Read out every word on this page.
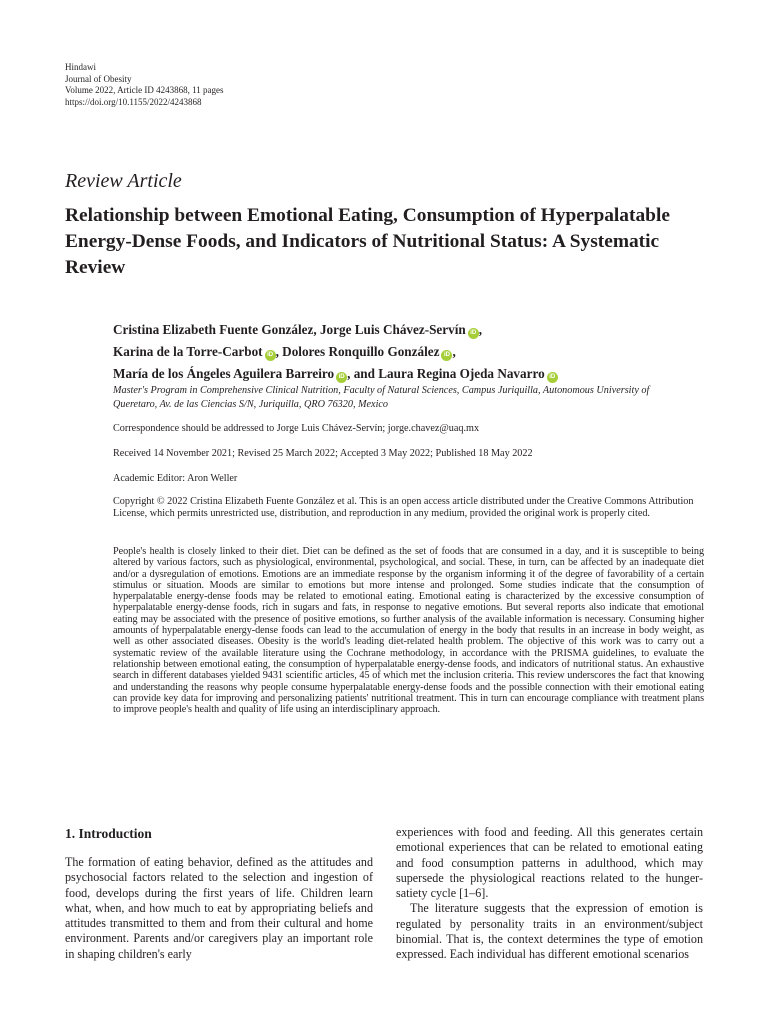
Hindawi
Journal of Obesity
Volume 2022, Article ID 4243868, 11 pages
https://doi.org/10.1155/2022/4243868
Review Article
Relationship between Emotional Eating, Consumption of Hyperpalatable Energy-Dense Foods, and Indicators of Nutritional Status: A Systematic Review
Cristina Elizabeth Fuente González, Jorge Luis Chávez-Servín iD ,
Karina de la Torre-Carbot iD , Dolores Ronquillo González iD ,
María de los Ángeles Aguilera Barreiro iD , and Laura Regina Ojeda Navarro iD
Master's Program in Comprehensive Clinical Nutrition, Faculty of Natural Sciences, Campus Juriquilla, Autonomous University of Queretaro, Av. de las Ciencias S/N, Juriquilla, QRO 76320, Mexico
Correspondence should be addressed to Jorge Luis Chávez-Servín; jorge.chavez@uaq.mx
Received 14 November 2021; Revised 25 March 2022; Accepted 3 May 2022; Published 18 May 2022
Academic Editor: Aron Weller
Copyright © 2022 Cristina Elizabeth Fuente González et al. This is an open access article distributed under the Creative Commons Attribution License, which permits unrestricted use, distribution, and reproduction in any medium, provided the original work is properly cited.
People's health is closely linked to their diet. Diet can be defined as the set of foods that are consumed in a day, and it is susceptible to being altered by various factors, such as physiological, environmental, psychological, and social. These, in turn, can be affected by an inadequate diet and/or a dysregulation of emotions. Emotions are an immediate response by the organism informing it of the degree of favorability of a certain stimulus or situation. Moods are similar to emotions but more intense and prolonged. Some studies indicate that the consumption of hyperpalatable energy-dense foods may be related to emotional eating. Emotional eating is characterized by the excessive consumption of hyperpalatable energy-dense foods, rich in sugars and fats, in response to negative emotions. But several reports also indicate that emotional eating may be associated with the presence of positive emotions, so further analysis of the available information is necessary. Consuming higher amounts of hyperpalatable energy-dense foods can lead to the accumulation of energy in the body that results in an increase in body weight, as well as other associated diseases. Obesity is the world's leading diet-related health problem. The objective of this work was to carry out a systematic review of the available literature using the Cochrane methodology, in accordance with the PRISMA guidelines, to evaluate the relationship between emotional eating, the consumption of hyperpalatable energy-dense foods, and indicators of nutritional status. An exhaustive search in different databases yielded 9431 scientific articles, 45 of which met the inclusion criteria. This review underscores the fact that knowing and understanding the reasons why people consume hyperpalatable energy-dense foods and the possible connection with their emotional eating can provide key data for improving and personalizing patients' nutritional treatment. This in turn can encourage compliance with treatment plans to improve people's health and quality of life using an interdisciplinary approach.
1. Introduction

The formation of eating behavior, defined as the attitudes and psychosocial factors related to the selection and ingestion of food, develops during the first years of life. Children learn what, when, and how much to eat by appropriating beliefs and attitudes transmitted to them and from their cultural and home environment. Parents and/or caregivers play an important role in shaping children's early

experiences with food and feeding. All this generates certain emotional experiences that can be related to emotional eating and food consumption patterns in adulthood, which may supersede the physiological reactions related to the hunger-satiety cycle [1–6].

The literature suggests that the expression of emotion is regulated by personality traits in an environment/subject binomial. That is, the context determines the type of emotion expressed. Each individual has different emotional scenarios
